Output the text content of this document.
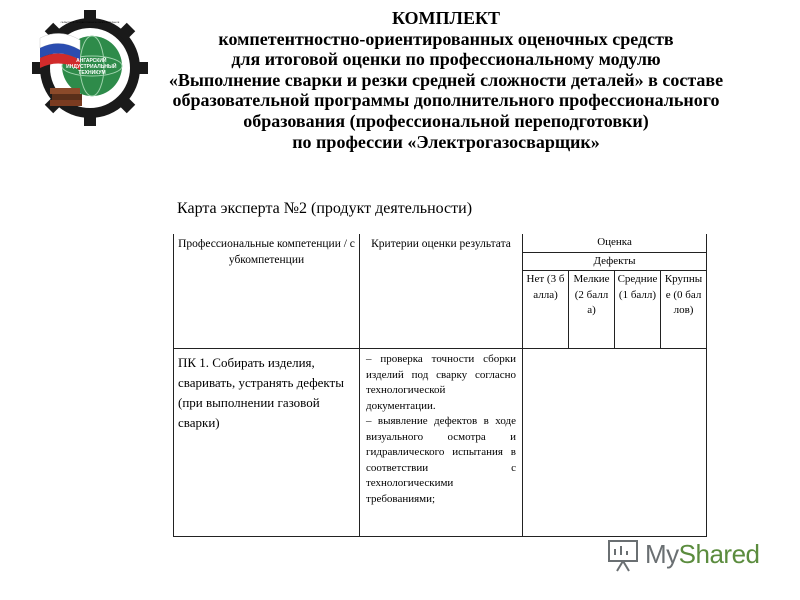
АНГАРСКИЙ ИНДУСТРИАЛЬНЫЙ ТЕХНИКУМ
ОБЛАСТНОЕ ГОСУДАРСТВЕННОЕ ОБРАЗОВАТЕЛЬНОЕ	КОМПЛЕКТ
компетентностно-ориентированных оценочных средств
для итоговой оценки по профессиональному модулю
«Выполнение сварки и резки средней сложности деталей» в составе
образовательной программы дополнительного профессионального
образования (профессиональной переподготовки)
по профессии «Электрогазосварщик»
Карта эксперта №2 (продукт деятельности)
Профессиональные компетенции / субкомпетенции	Критерии оценки результата	Оценка			
		Дефекты			
		Нет (3 балла)	Мелкие (2 балла)	Средние (1 балл)	Крупные (0 баллов)
ПК 1. Собирать изделия, сваривать, устранять дефекты (при выполнении газовой сварки)	– проверка точности сборки изделий под сварку согласно технологической документации.

– выявление дефектов в ходе визуального осмотра и гидравлического испытания в соответствии с технологическими требованиями;				

MyShared
